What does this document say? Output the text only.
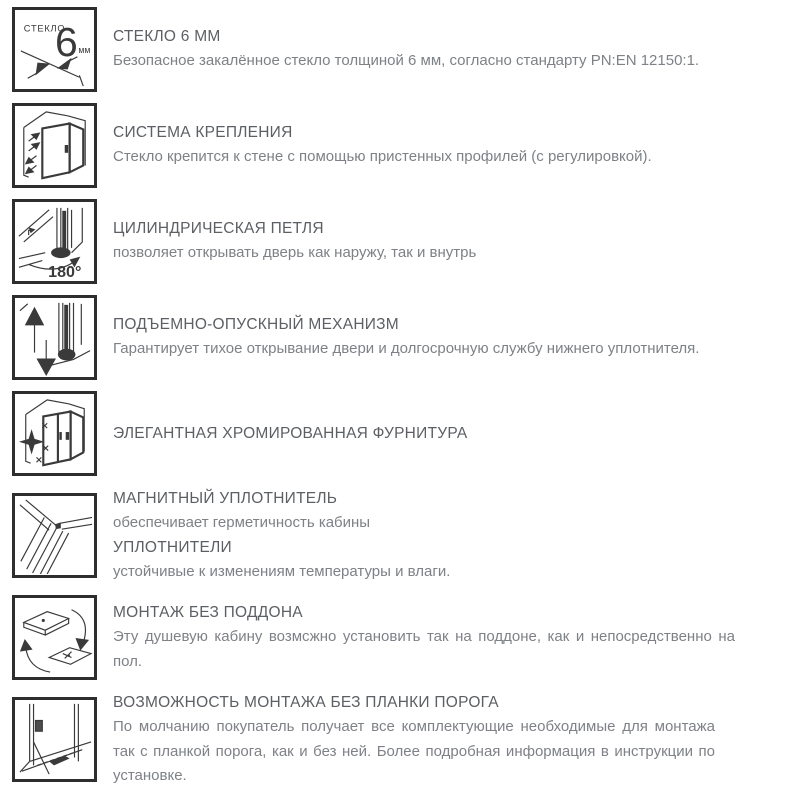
СТЕКЛО
6 мм
СТЕКЛО 6 ММ
Безопасное закалённое стекло толщиной 6 мм, согласно стандарту PN:EN 12150:1.
СИСТЕМА КРЕПЛЕНИЯ
Стекло крепится к стене с помощью пристенных профилей (с регулировкой).
180°
ЦИЛИНДРИЧЕСКАЯ ПЕТЛЯ
позволяет открывать дверь как наружу, так и внутрь
ПОДЪЕМНО-ОПУСКНЫЙ МЕХАНИЗМ
Гарантирует тихое открывание двери и долгосрочную службу нижнего уплотнителя.
ЭЛЕГАНТНАЯ ХРОМИРОВАННАЯ ФУРНИТУРА
МАГНИТНЫЙ УПЛОТНИТЕЛЬ
обеспечивает герметичность кабины
УПЛОТНИТЕЛИ
устойчивые к изменениям температуры и влаги.
МОНТАЖ БЕЗ ПОДДОНА
Эту душевую кабину возмсжно установить так на поддоне, как и непосредственно на пол.
ВОЗМОЖНОСТЬ МОНТАЖА БЕЗ ПЛАНКИ ПОРОГА
По молчанию покупатель получает все комплектующие необходимые для монтажа так с планкой порога, как и без ней. Более подробная информация в инструкции по установке.
